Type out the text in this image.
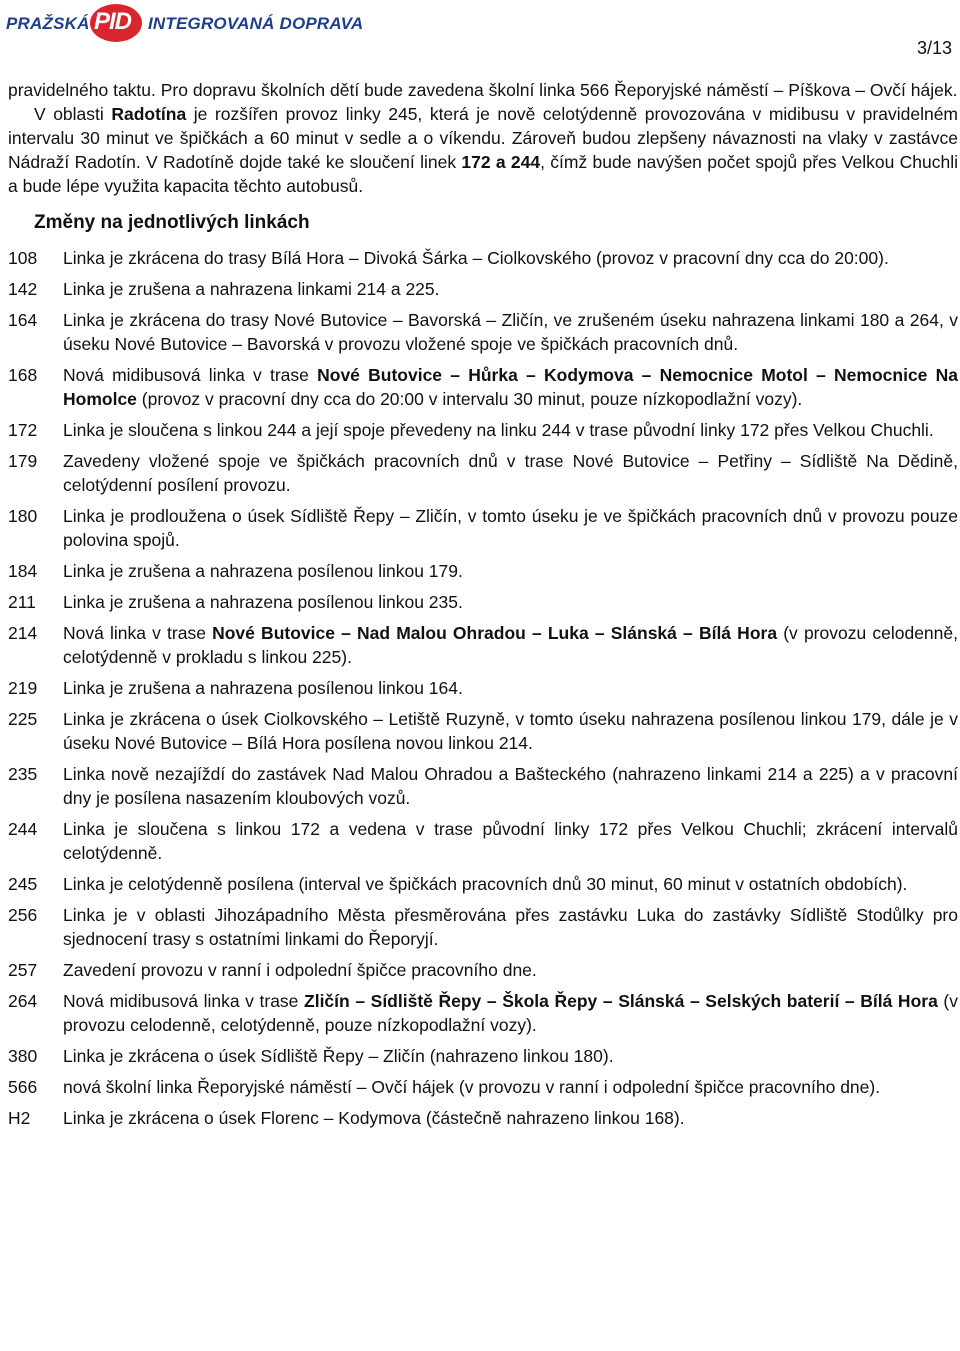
PRAŽSKÁ PID INTEGROVANÁ DOPRAVA
3/13

pravidelného taktu. Pro dopravu školních dětí bude zavedena školní linka 566 Řeporyjské náměstí – Píškova – Ovčí hájek.

V oblasti Radotína je rozšířen provoz linky 245, která je nově celotýdenně provozována v midibusu v pravidelném intervalu 30 minut ve špičkách a 60 minut v sedle a o víkendu. Zároveň budou zlepšeny návaznosti na vlaky v zastávce Nádraží Radotín. V Radotíně dojde také ke sloučení linek 172 a 244, čímž bude navýšen počet spojů přes Velkou Chuchli a bude lépe využita kapacita těchto autobusů.

Změny na jednotlivých linkách
108	Linka je zkrácena do trasy Bílá Hora – Divoká Šárka – Ciolkovského (provoz v pracovní dny cca do 20:00).
142	Linka je zrušena a nahrazena linkami 214 a 225.
164	Linka je zkrácena do trasy Nové Butovice – Bavorská – Zličín, ve zrušeném úseku nahrazena linkami 180 a 264, v úseku Nové Butovice – Bavorská v provozu vložené spoje ve špičkách pracovních dnů.
168	Nová midibusová linka v trase Nové Butovice – Hůrka – Kodymova – Nemocnice Motol – Nemocnice Na Homolce (provoz v pracovní dny cca do 20:00 v intervalu 30 minut, pouze nízkopodlažní vozy).
172	Linka je sloučena s linkou 244 a její spoje převedeny na linku 244 v trase původní linky 172 přes Velkou Chuchli.
179	Zavedeny vložené spoje ve špičkách pracovních dnů v trase Nové Butovice – Petřiny – Sídliště Na Dědině, celotýdenní posílení provozu.
180	Linka je prodloužena o úsek Sídliště Řepy – Zličín, v tomto úseku je ve špičkách pracovních dnů v provozu pouze polovina spojů.
184	Linka je zrušena a nahrazena posílenou linkou 179.
211	Linka je zrušena a nahrazena posílenou linkou 235.
214	Nová linka v trase Nové Butovice – Nad Malou Ohradou – Luka – Slánská – Bílá Hora (v provozu celodenně, celotýdenně v prokladu s linkou 225).
219	Linka je zrušena a nahrazena posílenou linkou 164.
225	Linka je zkrácena o úsek Ciolkovského – Letiště Ruzyně, v tomto úseku nahrazena posílenou linkou 179, dále je v úseku Nové Butovice – Bílá Hora posílena novou linkou 214.
235	Linka nově nezajíždí do zastávek Nad Malou Ohradou a Bašteckého (nahrazeno linkami 214 a 225) a v pracovní dny je posílena nasazením kloubových vozů.
244	Linka je sloučena s linkou 172 a vedena v trase původní linky 172 přes Velkou Chuchli; zkrácení intervalů celotýdenně.
245	Linka je celotýdenně posílena (interval ve špičkách pracovních dnů 30 minut, 60 minut v ostatních obdobích).
256	Linka je v oblasti Jihozápadního Města přesměrována přes zastávku Luka do zastávky Sídliště Stodůlky pro sjednocení trasy s ostatními linkami do Řeporyjí.
257	Zavedení provozu v ranní i odpolední špičce pracovního dne.
264	Nová midibusová linka v trase Zličín – Sídliště Řepy – Škola Řepy – Slánská – Selských baterií – Bílá Hora (v provozu celodenně, celotýdenně, pouze nízkopodlažní vozy).
380	Linka je zkrácena o úsek Sídliště Řepy – Zličín (nahrazeno linkou 180).
566	nová školní linka Řeporyjské náměstí – Ovčí hájek (v provozu v ranní i odpolední špičce pracovního dne).
H2	Linka je zkrácena o úsek Florenc – Kodymova (částečně nahrazeno linkou 168).
